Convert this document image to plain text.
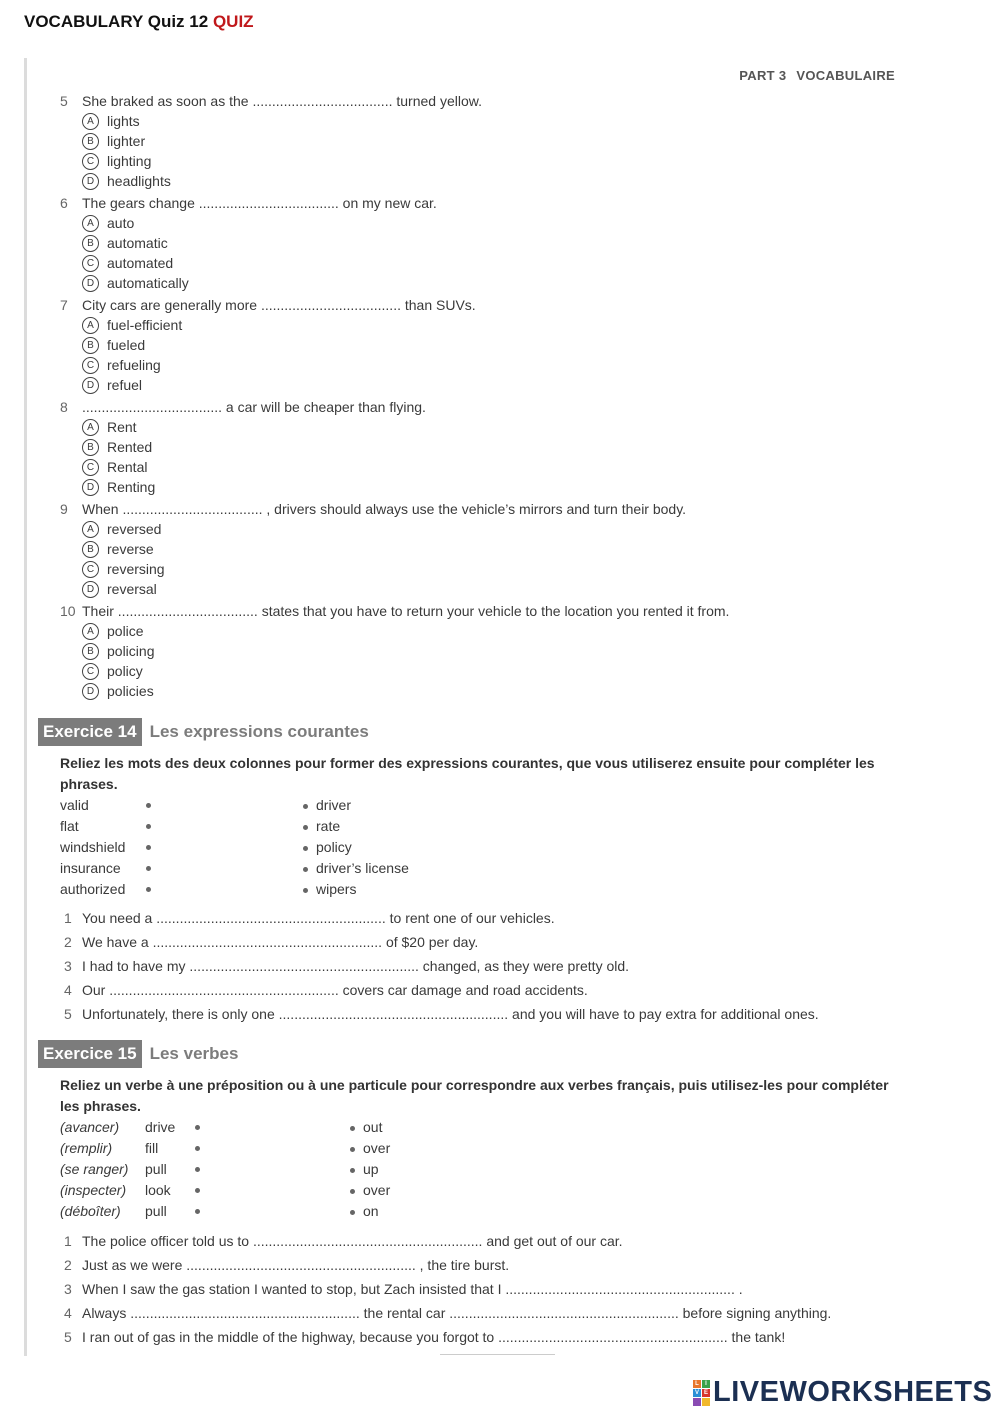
VOCABULARY Quiz 12 QUIZ
PART 3 VOCABULAIRE
5 She braked as soon as the .................................... turned yellow.
A lights
B lighter
C lighting
D headlights
6 The gears change .................................... on my new car.
A auto
B automatic
C automated
D automatically
7 City cars are generally more .................................... than SUVs.
A fuel-efficient
B fueled
C refueling
D refuel
8 .................................... a car will be cheaper than flying.
A Rent
B Rented
C Rental
D Renting
9 When .................................... , drivers should always use the vehicle’s mirrors and turn their body.
A reversed
B reverse
C reversing
D reversal
10 Their .................................... states that you have to return your vehicle to the location you rented it from.
A police
B policing
C policy
D policies
Exercice 14 Les expressions courantes
Reliez les mots des deux colonnes pour former des expressions courantes, que vous utiliserez ensuite pour compléter les phrases.
valid
flat
windshield
insurance
authorized
driver
rate
policy
driver’s license
wipers
1 You need a ........................................................... to rent one of our vehicles.
2 We have a ........................................................... of $20 per day.
3 I had to have my ........................................................... changed, as they were pretty old.
4 Our ........................................................... covers car damage and road accidents.
5 Unfortunately, there is only one ........................................................... and you will have to pay extra for additional ones.
Exercice 15 Les verbes
Reliez un verbe à une préposition ou à une particule pour correspondre aux verbes français, puis utilisez-les pour compléter les phrases.
(avancer)
(remplir)
(se ranger)
(inspecter)
(déboîter)
drive
fill
pull
look
pull
out
over
up
over
on
1 The police officer told us to ........................................................... and get out of our car.
2 Just as we were ........................................................... , the tire burst.
3 When I saw the gas station I wanted to stop, but Zach insisted that I ........................................................... .
4 Always ........................................................... the rental car ........................................................... before signing anything.
5 I ran out of gas in the middle of the highway, because you forgot to ........................................................... the tank!
L	I
V E LIVEWORKSHEETS
